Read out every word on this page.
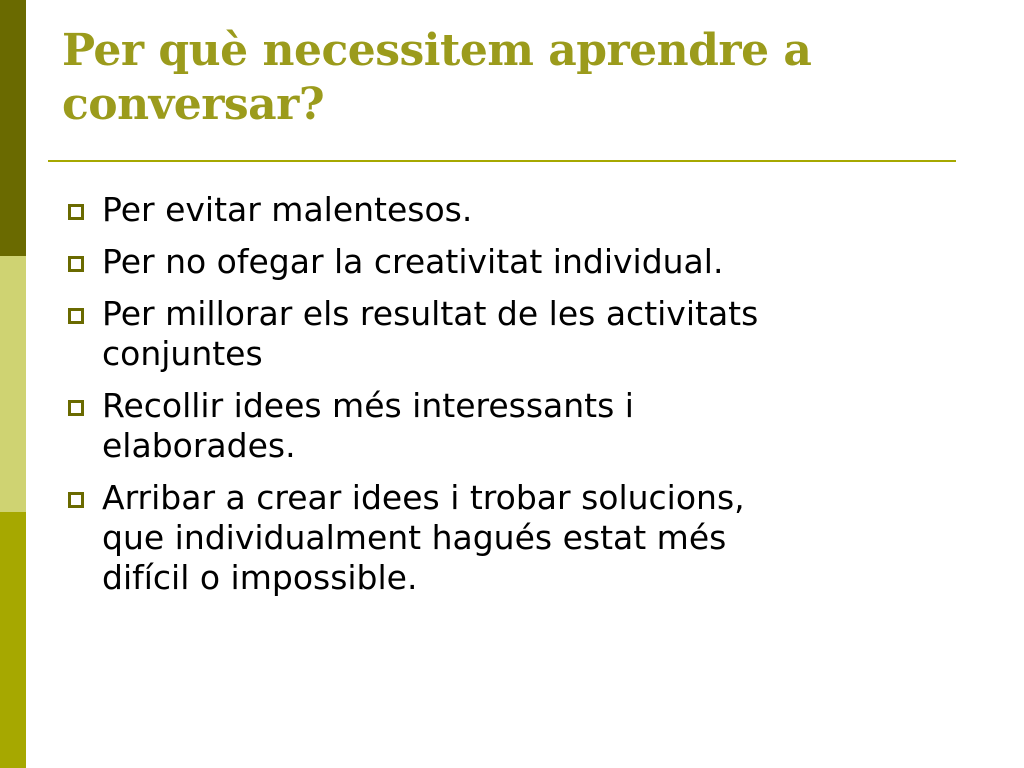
Per què necessitem aprendre a
conversar?
Per evitar malentesos.
Per no ofegar la creativitat individual.
Per millorar els resultat de les activitats
conjuntes
Recollir idees més interessants i
elaborades.
Arribar a crear idees i trobar solucions,
que individualment hagués estat més
difícil o impossible.
